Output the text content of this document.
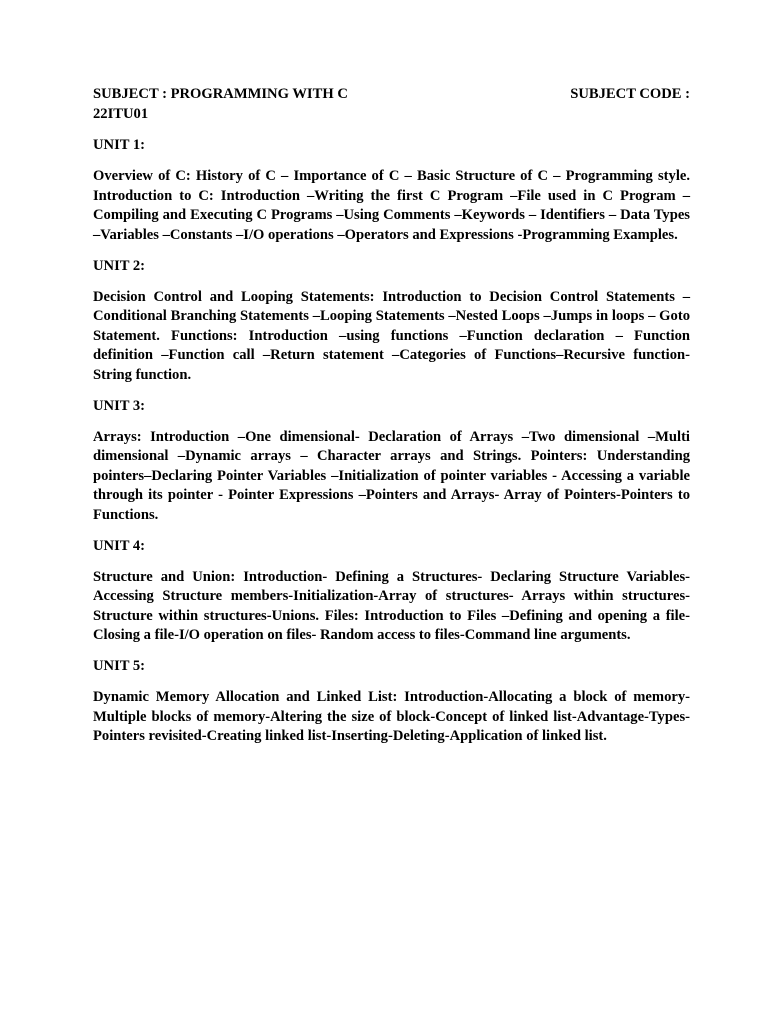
SUBJECT : PROGRAMMING WITH C	SUBJECT CODE :
22ITU01
UNIT 1:
Overview of C: History of C – Importance of C – Basic Structure of C – Programming style. Introduction to C: Introduction –Writing the first C Program –File used in C Program –Compiling and Executing C Programs –Using Comments –Keywords – Identifiers – Data Types –Variables –Constants –I/O operations –Operators and Expressions -Programming Examples.
UNIT 2:
Decision Control and Looping Statements: Introduction to Decision Control Statements – Conditional Branching Statements –Looping Statements –Nested Loops –Jumps in loops – Goto Statement. Functions: Introduction –using functions –Function declaration – Function definition –Function call –Return statement –Categories of Functions–Recursive function-String function.
UNIT 3:
Arrays: Introduction –One dimensional- Declaration of Arrays –Two dimensional –Multi dimensional –Dynamic arrays – Character arrays and Strings. Pointers: Understanding pointers–Declaring Pointer Variables –Initialization of pointer variables - Accessing a variable through its pointer - Pointer Expressions –Pointers and Arrays- Array of Pointers-Pointers to Functions.
UNIT 4:
Structure and Union: Introduction- Defining a Structures- Declaring Structure Variables- Accessing Structure members-Initialization-Array of structures- Arrays within structures- Structure within structures-Unions. Files: Introduction to Files –Defining and opening a file-Closing a file-I/O operation on files- Random access to files-Command line arguments.
UNIT 5:
Dynamic Memory Allocation and Linked List: Introduction-Allocating a block of memory-Multiple blocks of memory-Altering the size of block-Concept of linked list-Advantage-Types-Pointers revisited-Creating linked list-Inserting-Deleting-Application of linked list.
